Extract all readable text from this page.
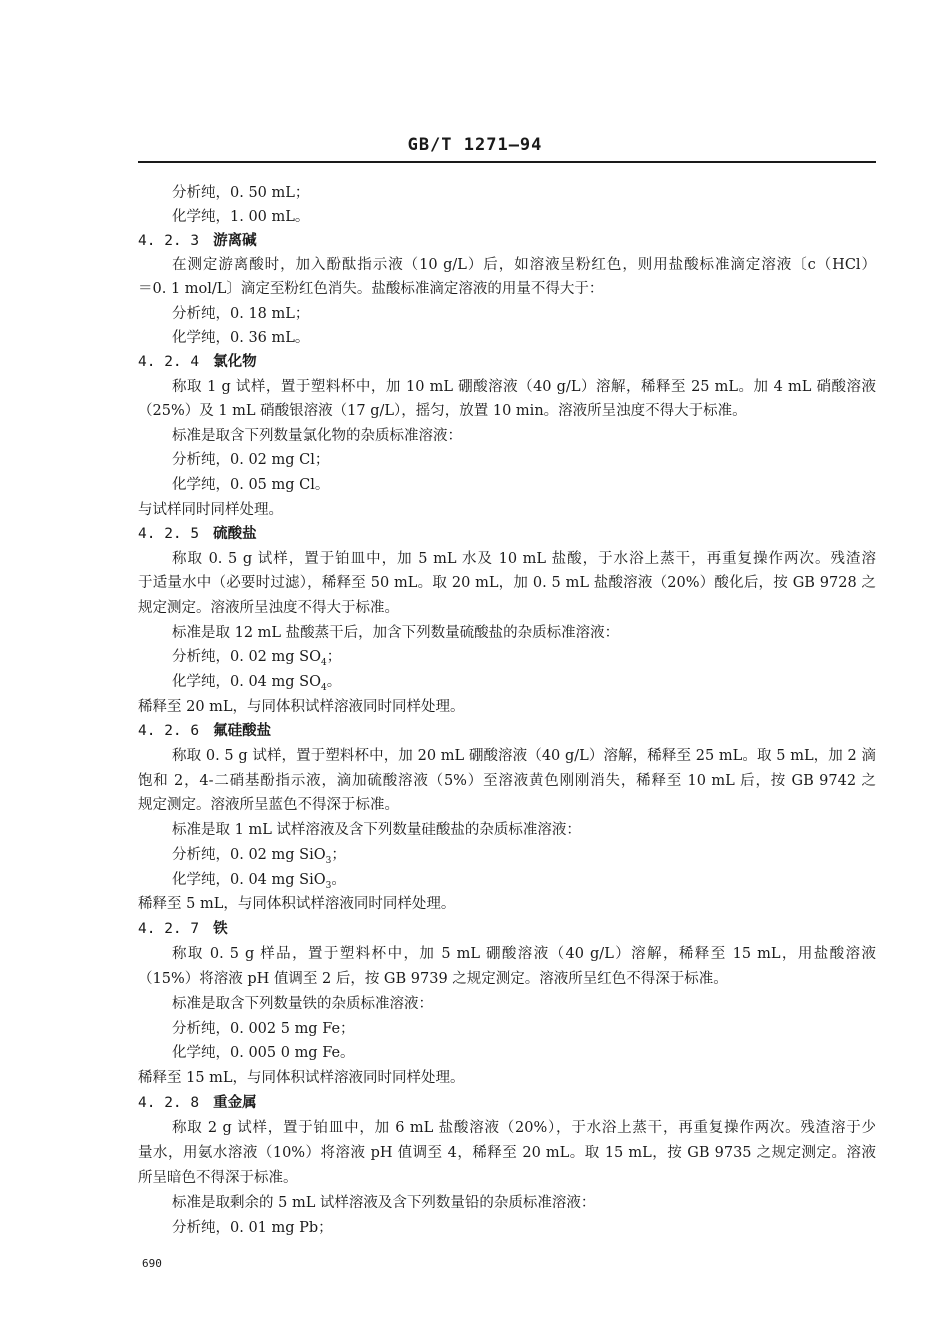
GB/T 1271—94
分析纯，0. 50 mL；
化学纯，1. 00 mL。
4. 2. 3 游离碱
在测定游离酸时，加入酚酞指示液（10 g/L）后，如溶液呈粉红色，则用盐酸标准滴定溶液〔c（HCl）
＝0. 1 mol/L〕滴定至粉红色消失。盐酸标准滴定溶液的用量不得大于：
分析纯，0. 18 mL；
化学纯，0. 36 mL。
4. 2. 4 氯化物
称取 1 g 试样，置于塑料杯中，加 10 mL 硼酸溶液（40 g/L）溶解，稀释至 25 mL。加 4 mL 硝酸溶液
（25%）及 1 mL 硝酸银溶液（17 g/L），摇匀，放置 10 min。溶液所呈浊度不得大于标准。
标准是取含下列数量氯化物的杂质标准溶液：
分析纯，0. 02 mg Cl；
化学纯，0. 05 mg Cl。
与试样同时同样处理。
4. 2. 5 硫酸盐
称取 0. 5 g 试样，置于铂皿中，加 5 mL 水及 10 mL 盐酸，于水浴上蒸干，再重复操作两次。残渣溶
于适量水中（必要时过滤），稀释至 50 mL。取 20 mL，加 0. 5 mL 盐酸溶液（20%）酸化后，按 GB 9728 之
规定测定。溶液所呈浊度不得大于标准。
标准是取 12 mL 盐酸蒸干后，加含下列数量硫酸盐的杂质标准溶液：
分析纯，0. 02 mg $SO_4$；
化学纯，0. 04 mg $SO_4$。
稀释至 20 mL，与同体积试样溶液同时同样处理。
4. 2. 6 氟硅酸盐
称取 0. 5 g 试样，置于塑料杯中，加 20 mL 硼酸溶液（40 g/L）溶解，稀释至 25 mL。取 5 mL，加 2 滴
饱和 2，4-二硝基酚指示液，滴加硫酸溶液（5%）至溶液黄色刚刚消失，稀释至 10 mL 后，按 GB 9742 之
规定测定。溶液所呈蓝色不得深于标准。
标准是取 1 mL 试样溶液及含下列数量硅酸盐的杂质标准溶液：
分析纯，0. 02 mg SiO$_3$；
化学纯，0. 04 mg SiO$_3$。
稀释至 5 mL，与同体积试样溶液同时同样处理。
4. 2. 7 铁
称取 0. 5 g 样品，置于塑料杯中，加 5 mL 硼酸溶液（40 g/L）溶解，稀释至 15 mL，用盐酸溶液
（15%）将溶液 pH 值调至 2 后，按 GB 9739 之规定测定。溶液所呈红色不得深于标准。
标准是取含下列数量铁的杂质标准溶液：
分析纯，0. 002 5 mg Fe；
化学纯，0. 005 0 mg Fe。
稀释至 15 mL，与同体积试样溶液同时同样处理。
4. 2. 8 重金属
称取 2 g 试样，置于铂皿中，加 6 mL 盐酸溶液（20%），于水浴上蒸干，再重复操作两次。残渣溶于少
量水，用氨水溶液（10%）将溶液 pH 值调至 4，稀释至 20 mL。取 15 mL，按 GB 9735 之规定测定。溶液
所呈暗色不得深于标准。
标准是取剩余的 5 mL 试样溶液及含下列数量铅的杂质标准溶液：
分析纯，0. 01 mg Pb；
690
